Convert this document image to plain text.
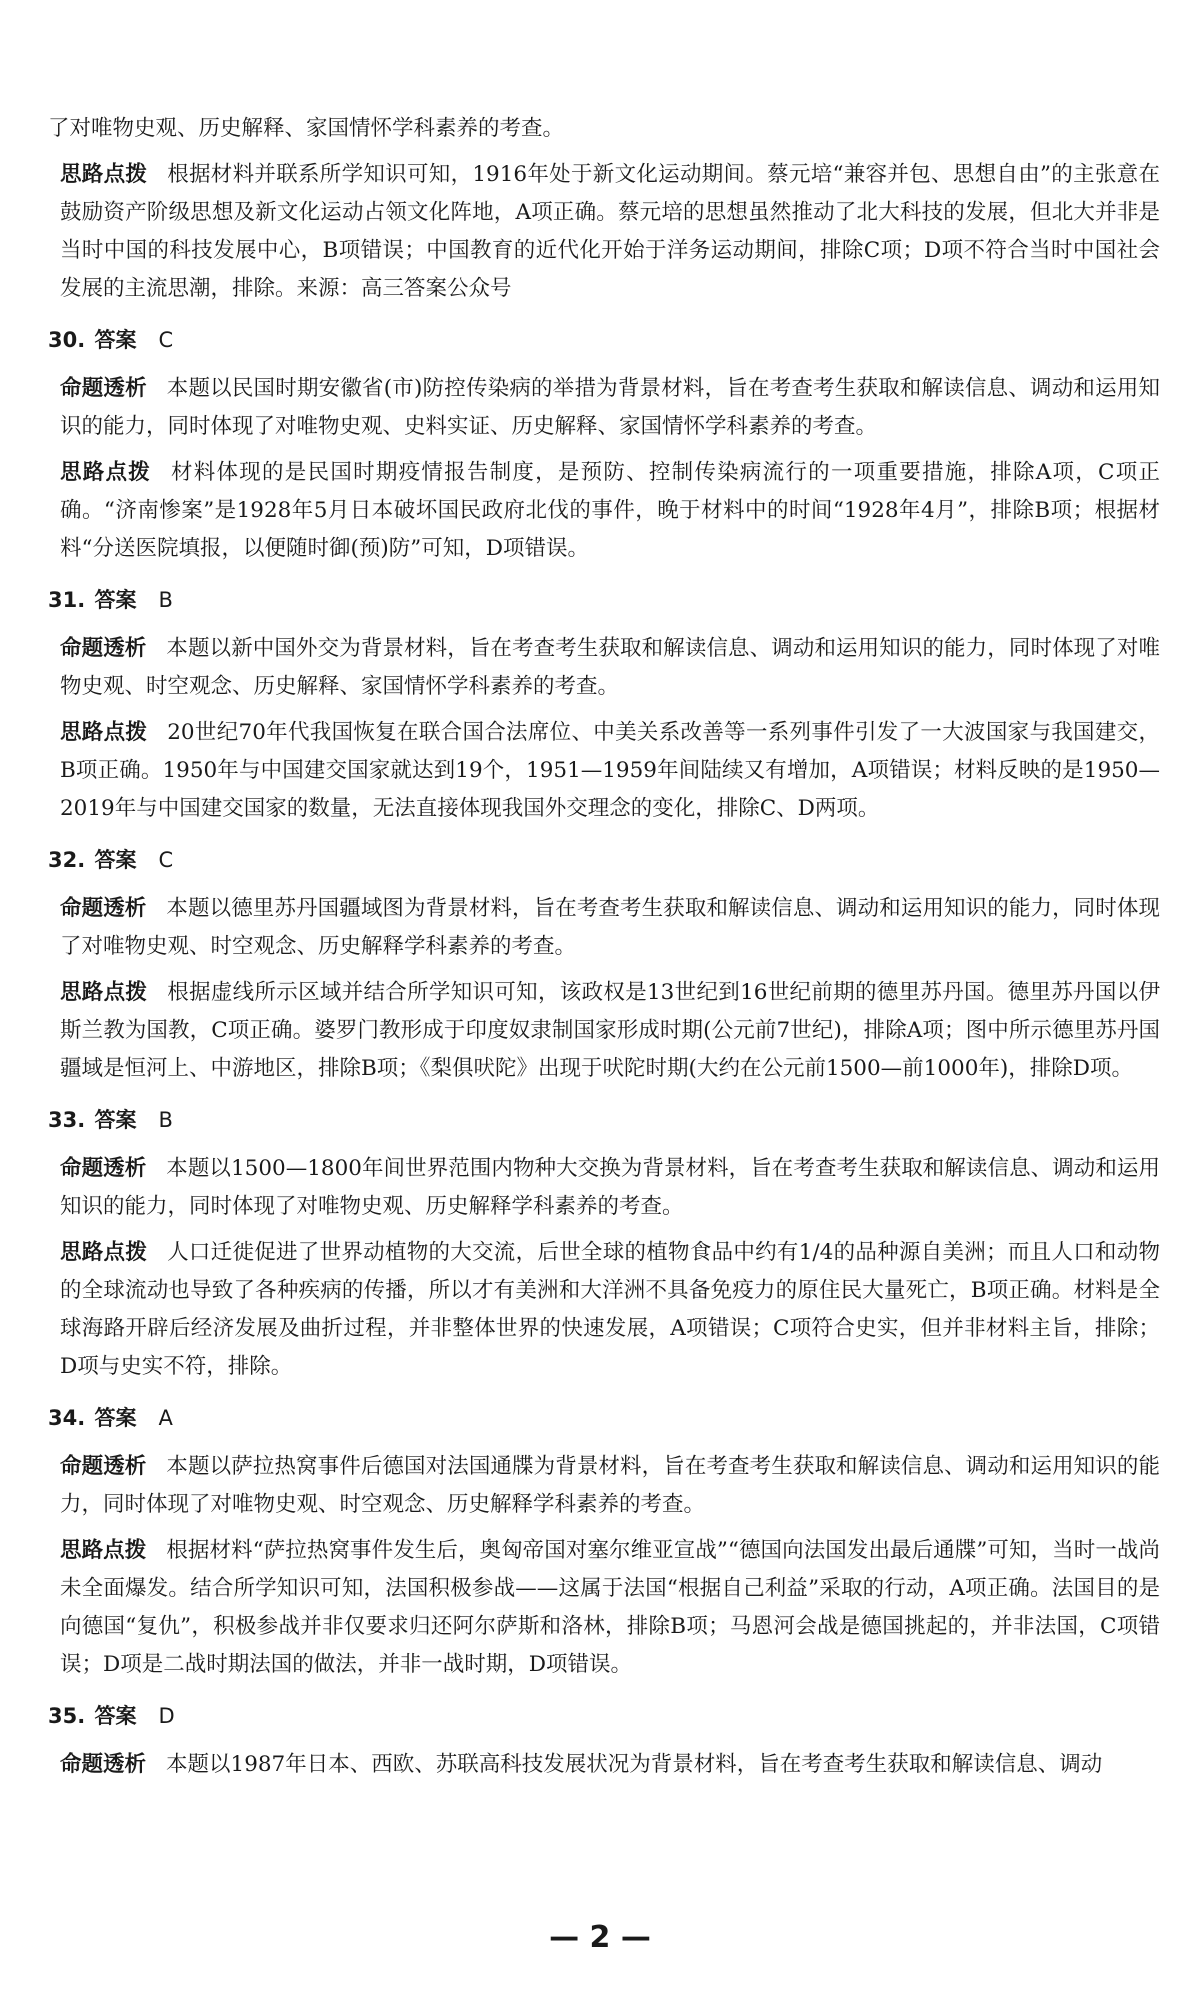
了对唯物史观、历史解释、家国情怀学科素养的考查。

思路点拨 根据材料并联系所学知识可知，1916年处于新文化运动期间。蔡元培“兼容并包、思想自由”的主张意在鼓励资产阶级思想及新文化运动占领文化阵地，A项正确。蔡元培的思想虽然推动了北大科技的发展，但北大并非是当时中国的科技发展中心，B项错误；中国教育的近代化开始于洋务运动期间，排除C项；D项不符合当时中国社会发展的主流思潮，排除。来源：高三答案公众号

30. 答案 C

命题透析 本题以民国时期安徽省(市)防控传染病的举措为背景材料，旨在考查考生获取和解读信息、调动和运用知识的能力，同时体现了对唯物史观、史料实证、历史解释、家国情怀学科素养的考查。

思路点拨 材料体现的是民国时期疫情报告制度，是预防、控制传染病流行的一项重要措施，排除A项，C项正确。“济南惨案”是1928年5月日本破坏国民政府北伐的事件，晚于材料中的时间“1928年4月”，排除B项；根据材料“分送医院填报，以便随时御(预)防”可知，D项错误。

31. 答案 B

命题透析 本题以新中国外交为背景材料，旨在考查考生获取和解读信息、调动和运用知识的能力，同时体现了对唯物史观、时空观念、历史解释、家国情怀学科素养的考查。

思路点拨 20世纪70年代我国恢复在联合国合法席位、中美关系改善等一系列事件引发了一大波国家与我国建交，B项正确。1950年与中国建交国家就达到19个，1951—1959年间陆续又有增加，A项错误；材料反映的是1950—2019年与中国建交国家的数量，无法直接体现我国外交理念的变化，排除C、D两项。

32. 答案 C

命题透析 本题以德里苏丹国疆域图为背景材料，旨在考查考生获取和解读信息、调动和运用知识的能力，同时体现了对唯物史观、时空观念、历史解释学科素养的考查。

思路点拨 根据虚线所示区域并结合所学知识可知，该政权是13世纪到16世纪前期的德里苏丹国。德里苏丹国以伊斯兰教为国教，C项正确。婆罗门教形成于印度奴隶制国家形成时期(公元前7世纪)，排除A项；图中所示德里苏丹国疆域是恒河上、中游地区，排除B项；《梨俱吠陀》出现于吠陀时期(大约在公元前1500—前1000年)，排除D项。

33. 答案 B

命题透析 本题以1500—1800年间世界范围内物种大交换为背景材料，旨在考查考生获取和解读信息、调动和运用知识的能力，同时体现了对唯物史观、历史解释学科素养的考查。

思路点拨 人口迁徙促进了世界动植物的大交流，后世全球的植物食品中约有1/4的品种源自美洲；而且人口和动物的全球流动也导致了各种疾病的传播，所以才有美洲和大洋洲不具备免疫力的原住民大量死亡，B项正确。材料是全球海路开辟后经济发展及曲折过程，并非整体世界的快速发展，A项错误；C项符合史实，但并非材料主旨，排除；D项与史实不符，排除。

34. 答案 A

命题透析 本题以萨拉热窝事件后德国对法国通牒为背景材料，旨在考查考生获取和解读信息、调动和运用知识的能力，同时体现了对唯物史观、时空观念、历史解释学科素养的考查。

思路点拨 根据材料“萨拉热窝事件发生后，奥匈帝国对塞尔维亚宣战”“德国向法国发出最后通牒”可知，当时一战尚未全面爆发。结合所学知识可知，法国积极参战——这属于法国“根据自己利益”采取的行动，A项正确。法国目的是向德国“复仇”，积极参战并非仅要求归还阿尔萨斯和洛林，排除B项；马恩河会战是德国挑起的，并非法国，C项错误；D项是二战时期法国的做法，并非一战时期，D项错误。

35. 答案 D

命题透析 本题以1987年日本、西欧、苏联高科技发展状况为背景材料，旨在考查考生获取和解读信息、调动

— 2 —
